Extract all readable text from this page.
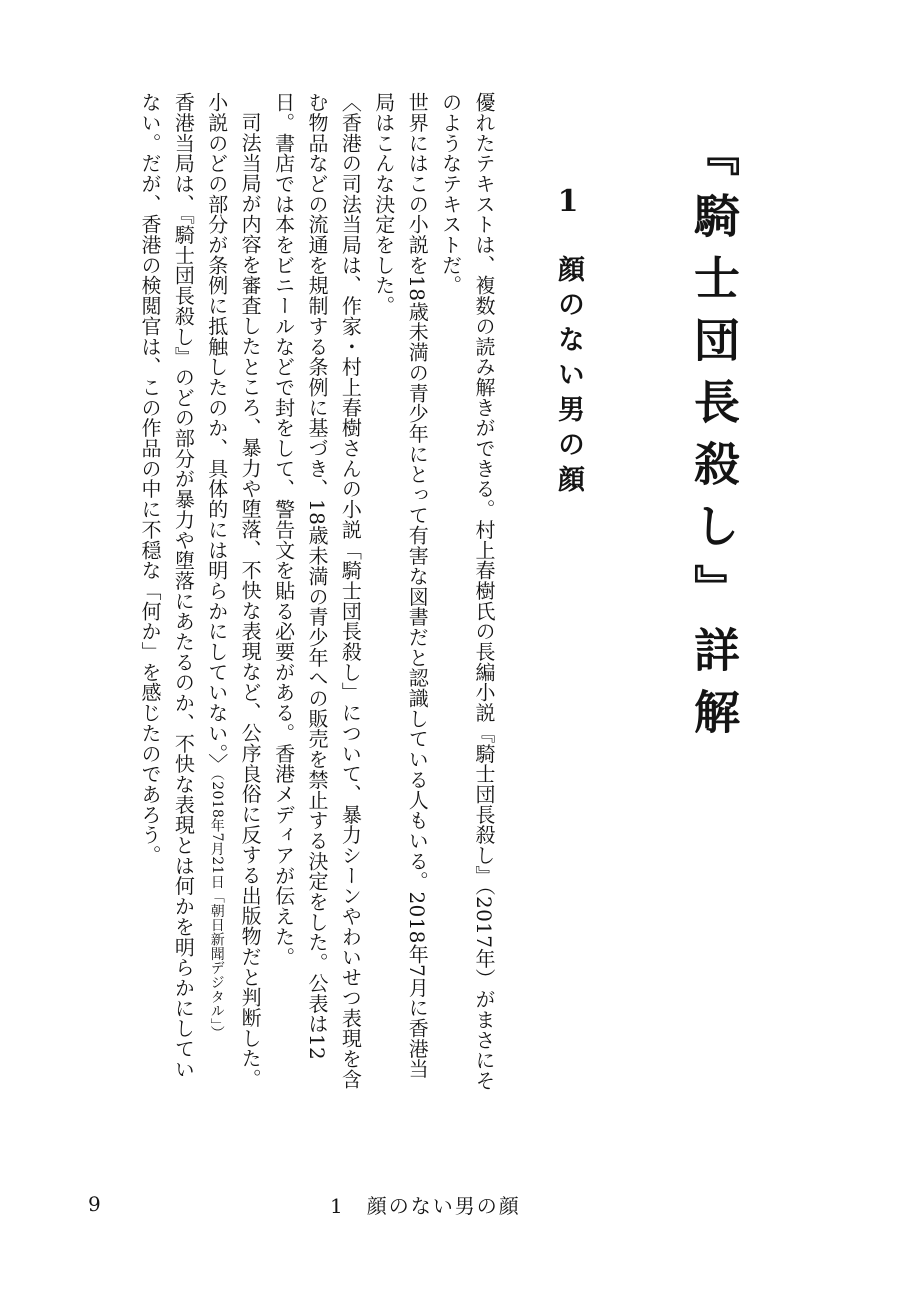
『騎士団長殺し』詳解
1
顔のない男の顔

優れたテキストは、複数の読み解きができる。村上春樹氏の長編小説『騎士団長殺し』（2017年）がまさにそのようなテキストだ。

世界にはこの小説を18歳未満の青少年にとって有害な図書だと認識している人もいる。2018年7月に香港当局はこんな決定をした。

〈香港の司法当局は、作家・村上春樹さんの小説「騎士団長殺し」について、暴力シーンやわいせつ表現を含む物品などの流通を規制する条例に基づき、18歳未満の青少年への販売を禁止する決定をした。公表は12日。書店では本をビニールなどで封をして、警告文を貼る必要がある。香港メディアが伝えた。

司法当局が内容を審査したところ、暴力や堕落、不快な表現など、公序良俗に反する出版物だと判断した。小説のどの部分が条例に抵触したのか、具体的には明らかにしていない。〉（2018年7月21日「朝日新聞デジタル」）

香港当局は、『騎士団長殺し』のどの部分が暴力や堕落にあたるのか、不快な表現とは何かを明らかにしていない。だが、香港の検閲官は、この作品の中に不穏な「何か」を感じたのであろう。

9	1　顔のない男の顔
